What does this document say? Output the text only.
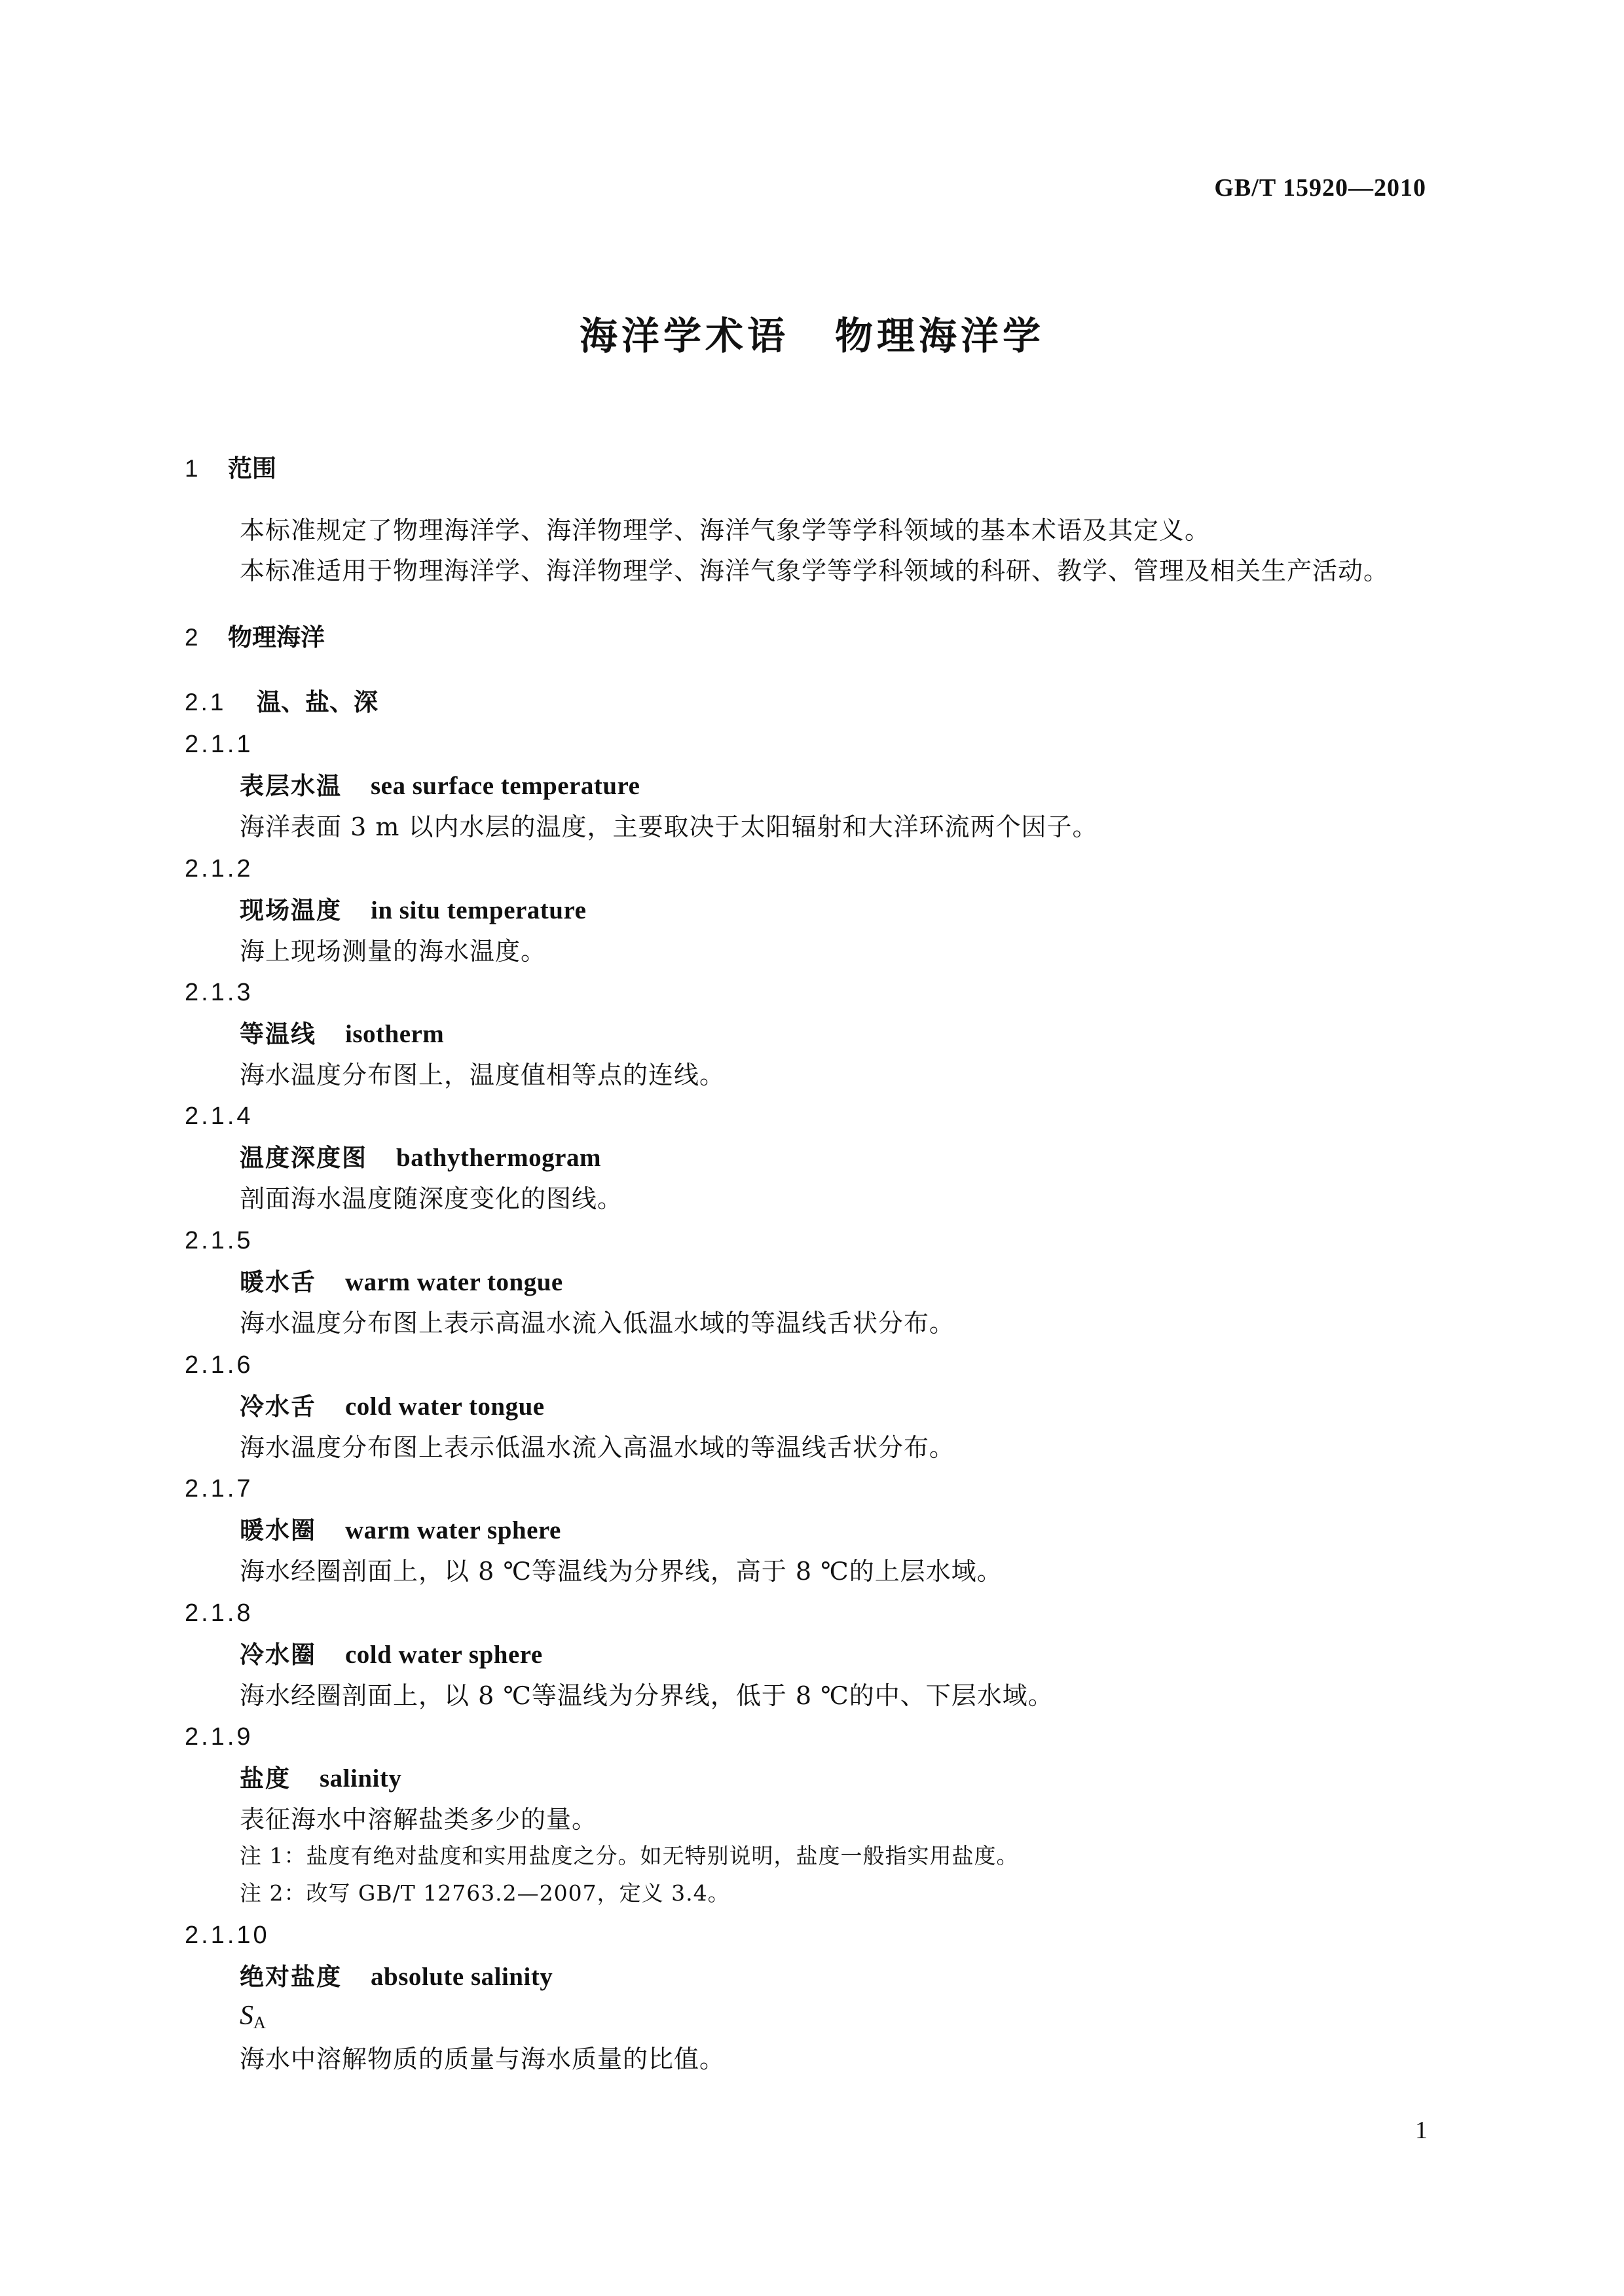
GB/T 15920—2010
海洋学术语 物理海洋学
1 范围
本标准规定了物理海洋学、海洋物理学、海洋气象学等学科领域的基本术语及其定义。
本标准适用于物理海洋学、海洋物理学、海洋气象学等学科领域的科研、教学、管理及相关生产活动。
2 物理海洋
2.1 温、盐、深
2.1.1
表层水温 sea surface temperature
海洋表面 3 m 以内水层的温度，主要取决于太阳辐射和大洋环流两个因子。
2.1.2
现场温度 in situ temperature
海上现场测量的海水温度。
2.1.3
等温线 isotherm
海水温度分布图上，温度值相等点的连线。
2.1.4
温度深度图 bathythermogram
剖面海水温度随深度变化的图线。
2.1.5
暖水舌 warm water tongue
海水温度分布图上表示高温水流入低温水域的等温线舌状分布。
2.1.6
冷水舌 cold water tongue
海水温度分布图上表示低温水流入高温水域的等温线舌状分布。
2.1.7
暖水圈 warm water sphere
海水经圈剖面上，以 8 ℃等温线为分界线，高于 8 ℃的上层水域。
2.1.8
冷水圈 cold water sphere
海水经圈剖面上，以 8 ℃等温线为分界线，低于 8 ℃的中、下层水域。
2.1.9
盐度 salinity
表征海水中溶解盐类多少的量。
注 1：盐度有绝对盐度和实用盐度之分。如无特别说明，盐度一般指实用盐度。
注 2：改写 GB/T 12763.2—2007，定义 3.4。
2.1.10
绝对盐度 absolute salinity
$S_A$
海水中溶解物质的质量与海水质量的比值。
1
